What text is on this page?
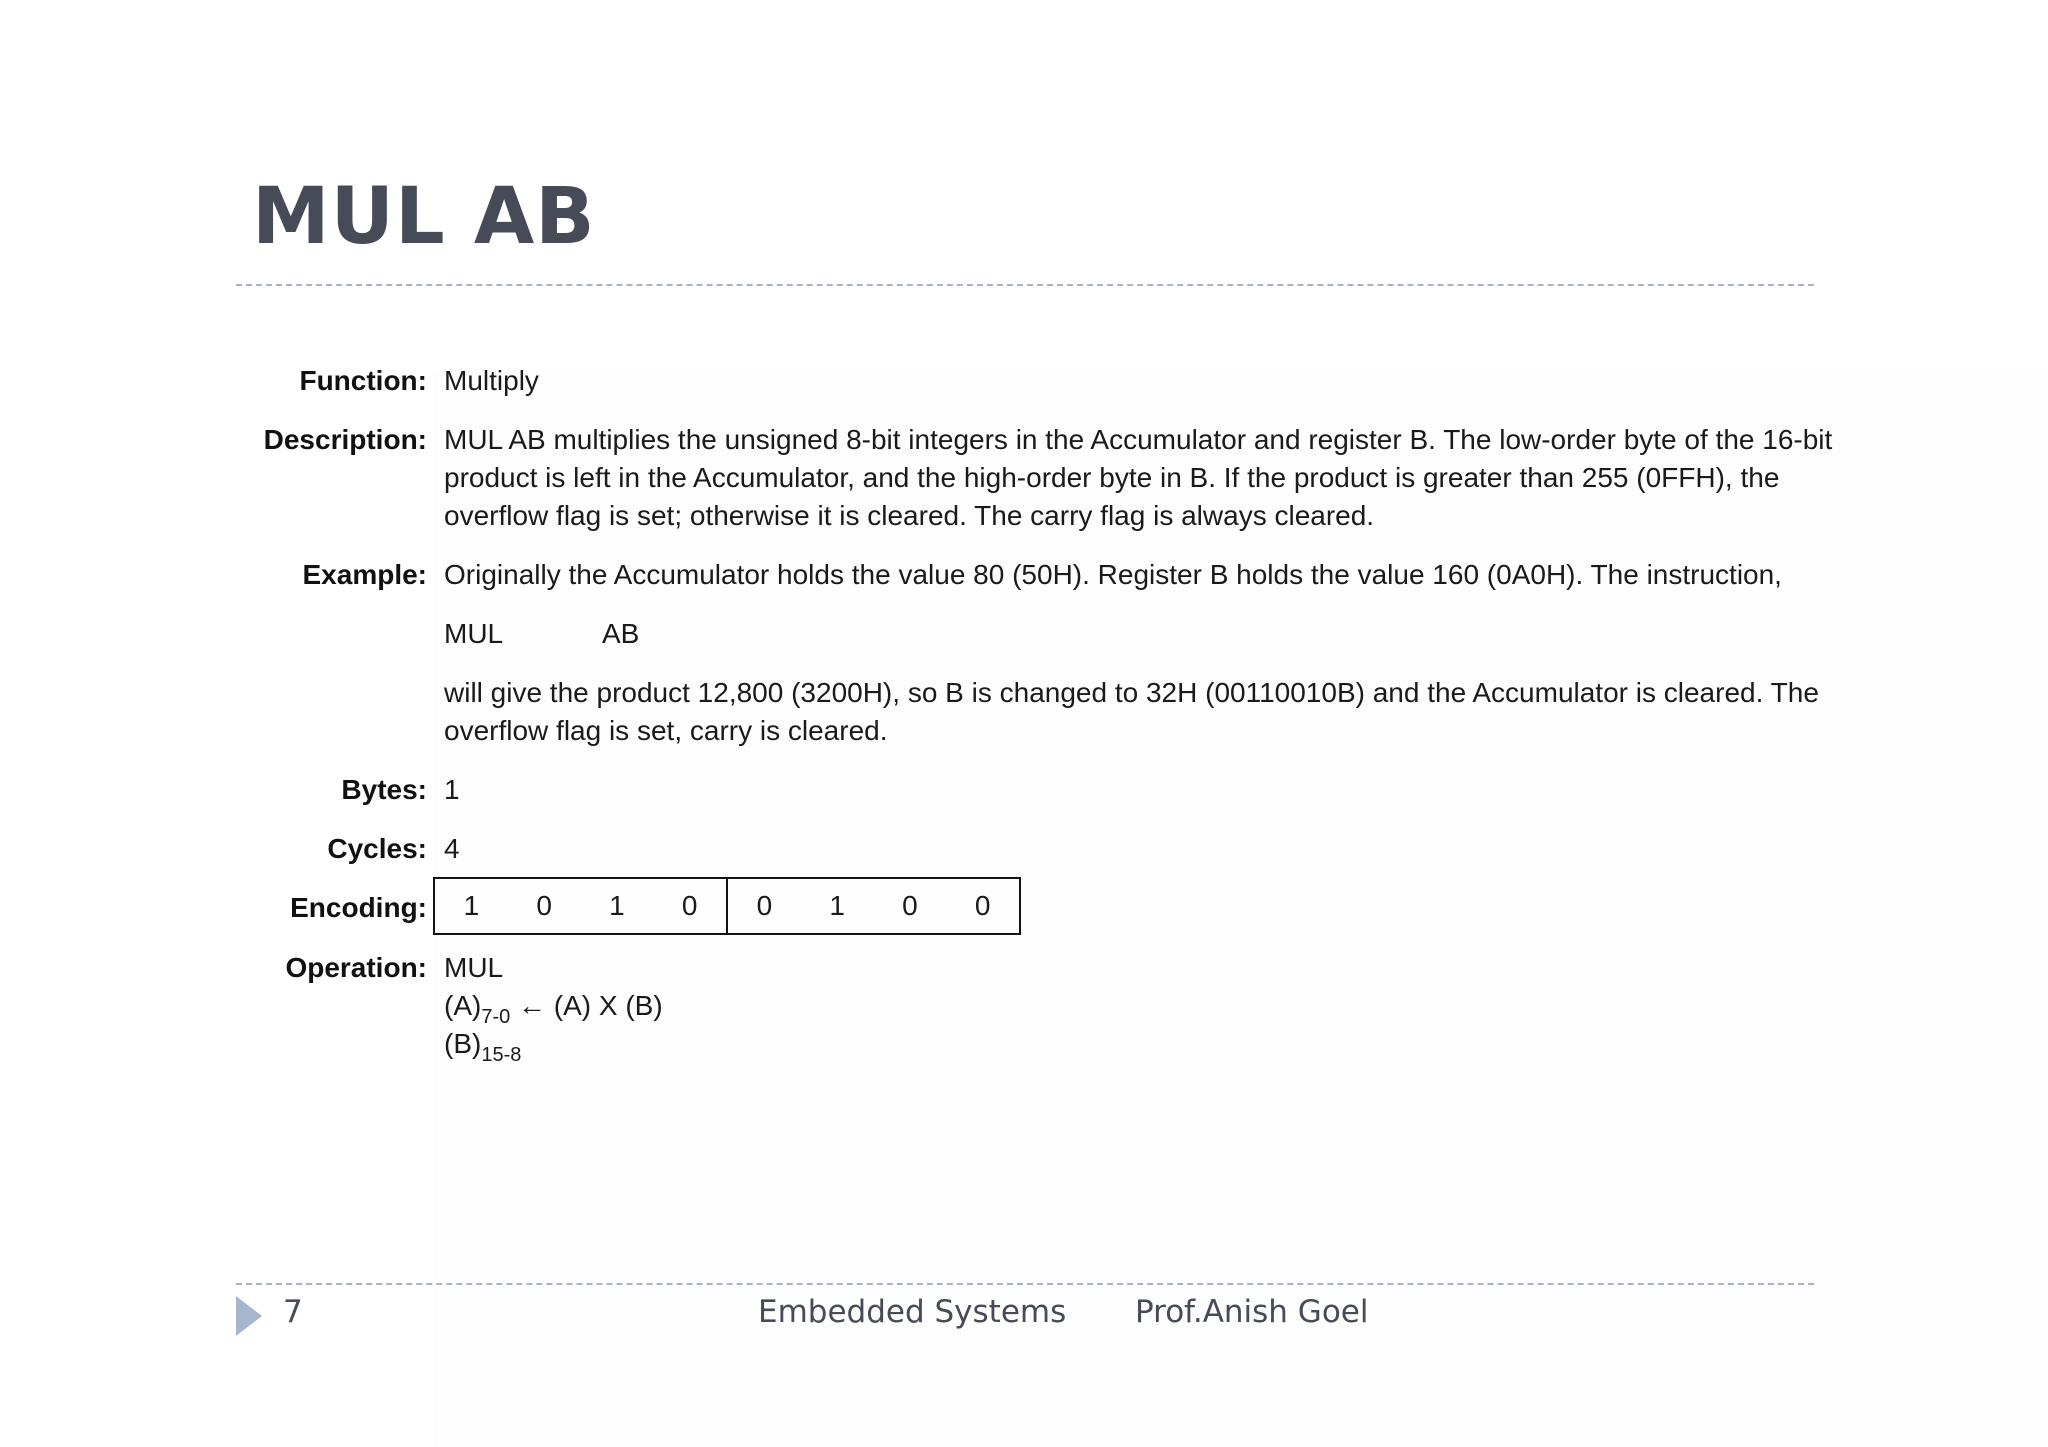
MUL AB
Function: Multiply
Description: MUL AB multiplies the unsigned 8-bit integers in the Accumulator and register B. The low-order byte of the 16-bit
product is left in the Accumulator, and the high-order byte in B. If the product is greater than 255 (0FFH), the
overflow flag is set; otherwise it is cleared. The carry flag is always cleared.
Example: Originally the Accumulator holds the value 80 (50H). Register B holds the value 160 (0A0H). The instruction,
MUL	AB
will give the product 12,800 (3200H), so B is changed to 32H (00110010B) and the Accumulator is cleared. The
overflow flag is set, carry is cleared.
Bytes: 1
Cycles: 4
Encoding:	1	0	1	0	0	1	0	0
Operation: MUL
$(A)_{7-0}$ ← (A) X (B)
$(B)_{15-8}$
7	Embedded Systems Prof.Anish Goel
